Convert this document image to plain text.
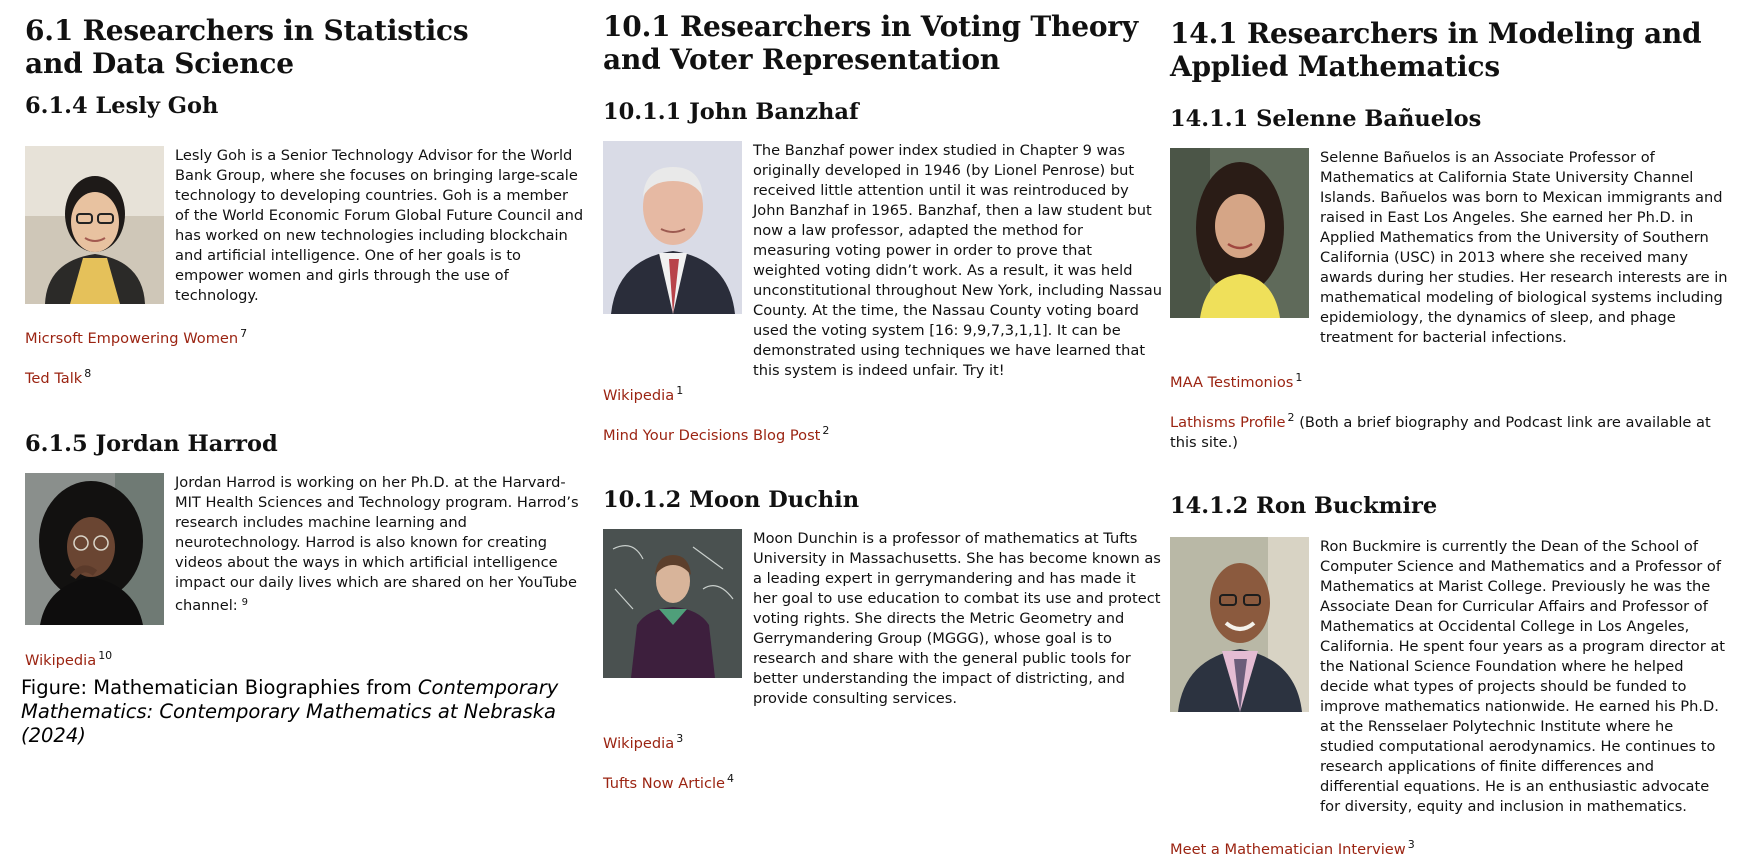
6.1 Researchers in Statistics and Data Science
6.1.4 Lesly Goh

Lesly Goh is a Senior Technology Advisor for the World Bank Group, where she focuses on bringing large-scale technology to developing countries. Goh is a member of the World Economic Forum Global Future Council and has worked on new technologies including blockchain and artificial intelligence. One of her goals is to empower women and girls through the use of technology.

Micrsoft Empowering Women $^7$
Ted Talk $^8$
6.1.5 Jordan Harrod

Jordan Harrod is working on her Ph.D. at the Harvard-MIT Health Sciences and Technology program. Harrod’s research includes machine learning and neurotechnology. Harrod is also known for creating videos about the ways in which artificial intelligence impact our daily lives which are shared on her YouTube channel: $^9$

Wikipedia $^{10}$
Figure: Mathematician Biographies from Contemporary Mathematics: Contemporary Mathematics at Nebraska (2024)
10.1 Researchers in Voting Theory and Voter Representation
10.1.1 John Banzhaf

The Banzhaf power index studied in Chapter 9 was originally developed in 1946 (by Lionel Penrose) but received little attention until it was reintroduced by John Banzhaf in 1965. Banzhaf, then a law student but now a law professor, adapted the method for measuring voting power in order to prove that weighted voting didn’t work. As a result, it was held unconstitutional throughout New York, including Nassau County. At the time, the Nassau County voting board used the voting system [16: 9,9,7,3,1,1]. It can be demonstrated using techniques we have learned that this system is indeed unfair. Try it!

Wikipedia $^1$
Mind Your Decisions Blog Post $^2$
10.1.2 Moon Duchin

Moon Dunchin is a professor of mathematics at Tufts University in Massachusetts. She has become known as a leading expert in gerrymandering and has made it her goal to use education to combat its use and protect voting rights. She directs the Metric Geometry and Gerrymandering Group (MGGG), whose goal is to research and share with the general public tools for better understanding the impact of districting, and provide consulting services.

Wikipedia $^3$
Tufts Now Article $^4$
14.1 Researchers in Modeling and Applied Mathematics
14.1.1 Selenne Bañuelos

Selenne Bañuelos is an Associate Professor of Mathematics at California State University Channel Islands. Bañuelos was born to Mexican immigrants and raised in East Los Angeles. She earned her Ph.D. in Applied Mathematics from the University of Southern California (USC) in 2013 where she received many awards during her studies. Her research interests are in mathematical modeling of biological systems including epidemiology, the dynamics of sleep, and phage treatment for bacterial infections.

MAA Testimonios $^1$
Lathisms Profile $^2$ (Both a brief biography and Podcast link are available at this site.)
14.1.2 Ron Buckmire

Ron Buckmire is currently the Dean of the School of Computer Science and Mathematics and a Professor of Mathematics at Marist College. Previously he was the Associate Dean for Curricular Affairs and Professor of Mathematics at Occidental College in Los Angeles, California. He spent four years as a program director at the National Science Foundation where he helped decide what types of projects should be funded to improve mathematics nationwide. He earned his Ph.D. at the Rensselaer Polytechnic Institute where he studied computational aerodynamics. He continues to research applications of finite differences and differential equations. He is an enthusiastic advocate for diversity, equity and inclusion in mathematics.

Meet a Mathematician Interview $^3$
